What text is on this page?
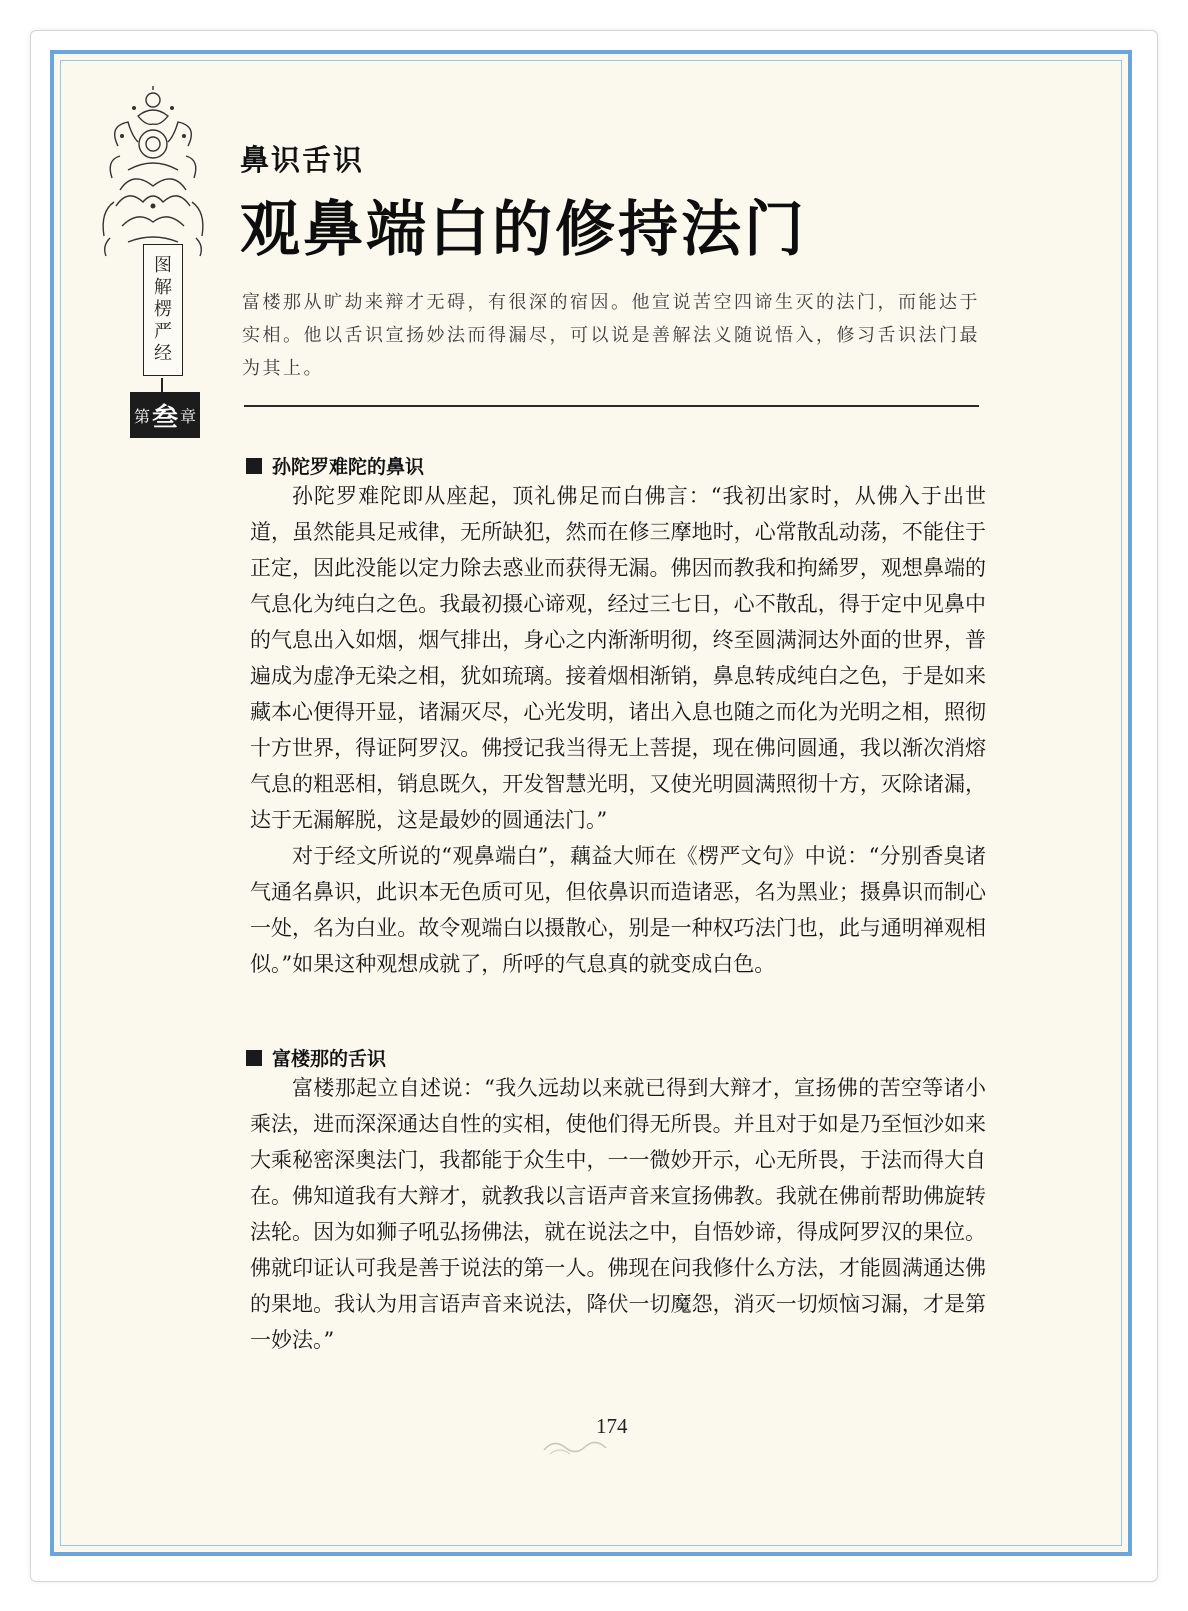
图解楞严经
第 叁 章
鼻识舌识
观鼻端白的修持法门
富楼那从旷劫来辩才无碍，有很深的宿因。他宣说苦空四谛生灭的法门，而能达于实相。他以舌识宣扬妙法而得漏尽，可以说是善解法义随说悟入，修习舌识法门最为其上。
孙陀罗难陀的鼻识

孙陀罗难陀即从座起，顶礼佛足而白佛言：“我初出家时，从佛入于出世道，虽然能具足戒律，无所缺犯，然而在修三摩地时，心常散乱动荡，不能住于正定，因此没能以定力除去惑业而获得无漏。佛因而教我和拘絺罗，观想鼻端的气息化为纯白之色。我最初摄心谛观，经过三七日，心不散乱，得于定中见鼻中的气息出入如烟，烟气排出，身心之内渐渐明彻，终至圆满洞达外面的世界，普遍成为虚净无染之相，犹如琉璃。接着烟相渐销，鼻息转成纯白之色，于是如来藏本心便得开显，诸漏灭尽，心光发明，诸出入息也随之而化为光明之相，照彻十方世界，得证阿罗汉。佛授记我当得无上菩提，现在佛问圆通，我以渐次消熔气息的粗恶相，销息既久，开发智慧光明，又使光明圆满照彻十方，灭除诸漏，达于无漏解脱，这是最妙的圆通法门。”

对于经文所说的“观鼻端白”，藕益大师在《楞严文句》中说：“分别香臭诸气通名鼻识，此识本无色质可见，但依鼻识而造诸恶，名为黑业；摄鼻识而制心一处，名为白业。故令观端白以摄散心，别是一种权巧法门也，此与通明禅观相似。”如果这种观想成就了，所呼的气息真的就变成白色。

富楼那的舌识

富楼那起立自述说：“我久远劫以来就已得到大辩才，宣扬佛的苦空等诸小乘法，进而深深通达自性的实相，使他们得无所畏。并且对于如是乃至恒沙如来大乘秘密深奥法门，我都能于众生中，一一微妙开示，心无所畏，于法而得大自在。佛知道我有大辩才，就教我以言语声音来宣扬佛教。我就在佛前帮助佛旋转法轮。因为如狮子吼弘扬佛法，就在说法之中，自悟妙谛，得成阿罗汉的果位。佛就印证认可我是善于说法的第一人。佛现在问我修什么方法，才能圆满通达佛的果地。我认为用言语声音来说法，降伏一切魔怨，消灭一切烦恼习漏，才是第一妙法。”

174
